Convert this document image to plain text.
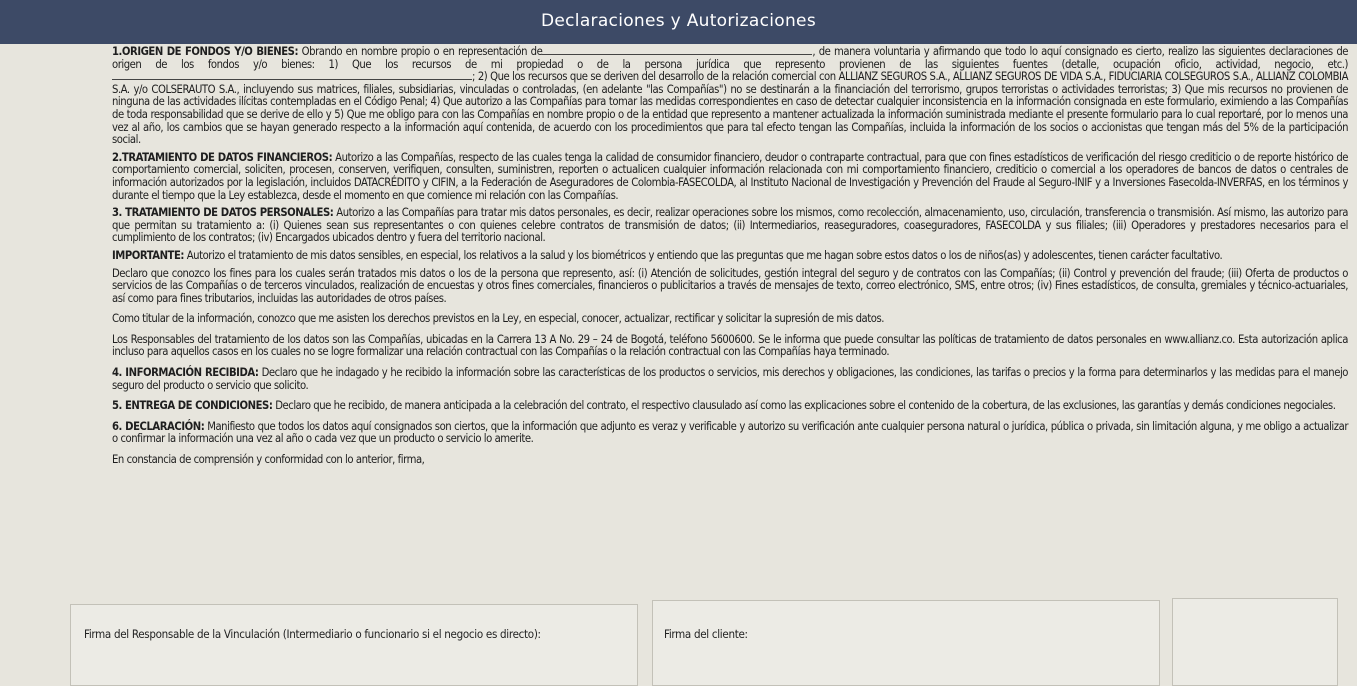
Declaraciones y Autorizaciones

1.ORIGEN DE FONDOS Y/O BIENES: Obrando en nombre propio o en representación de	, de manera voluntaria y afirmando que todo lo aquí consignado es cierto, realizo las siguientes declaraciones de origen de los fondos y/o bienes: 1) Que los recursos de mi propiedad o de la persona jurídica que represento provienen de las siguientes fuentes (detalle, ocupación oficio, actividad, negocio, etc.); 2) Que los recursos que se deriven del desarrollo de la relación comercial con ALLIANZ SEGUROS S.A., ALLIANZ SEGUROS DE VIDA S.A., FIDUCIARIA COLSEGUROS S.A., ALLIANZ COLOMBIA S.A. y/o COLSERAUTO S.A., incluyendo sus matrices, filiales, subsidiarias, vinculadas o controladas, (en adelante "las Compañías") no se destinarán a la financiación del terrorismo, grupos terroristas o actividades terroristas; 3) Que mis recursos no provienen de ninguna de las actividades ilícitas contempladas en el Código Penal; 4) Que autorizo a las Compañías para tomar las medidas correspondientes en caso de detectar cualquier inconsistencia en la información consignada en este formulario, eximiendo a las Compañías de toda responsabilidad que se derive de ello y 5) Que me obligo para con las Compañías en nombre propio o de la entidad que represento a mantener actualizada la información suministrada mediante el presente formulario para lo cual reportaré, por lo menos una vez al año, los cambios que se hayan generado respecto a la información aquí contenida, de acuerdo con los procedimientos que para tal efecto tengan las Compañías, incluida la información de los socios o accionistas que tengan más del 5% de la participación social.

2.TRATAMIENTO DE DATOS FINANCIEROS: Autorizo a las Compañías, respecto de las cuales tenga la calidad de consumidor financiero, deudor o contraparte contractual, para que con fines estadísticos de verificación del riesgo crediticio o de reporte histórico de comportamiento comercial, soliciten, procesen, conserven, verifiquen, consulten, suministren, reporten o actualicen cualquier información relacionada con mi comportamiento financiero, crediticio o comercial a los operadores de bancos de datos o centrales de información autorizados por la legislación, incluidos DATACRÉDITO y CIFIN, a la Federación de Aseguradores de Colombia-FASECOLDA, al Instituto Nacional de Investigación y Prevención del Fraude al Seguro-INIF y a Inversiones Fasecolda-INVERFAS, en los términos y durante el tiempo que la Ley establezca, desde el momento en que comience mi relación con las Compañías.

3. TRATAMIENTO DE DATOS PERSONALES: Autorizo a las Compañías para tratar mis datos personales, es decir, realizar operaciones sobre los mismos, como recolección, almacenamiento, uso, circulación, transferencia o transmisión. Así mismo, las autorizo para que permitan su tratamiento a: (i) Quienes sean sus representantes o con quienes celebre contratos de transmisión de datos; (ii) Intermediarios, reaseguradores, coaseguradores, FASECOLDA y sus filiales; (iii) Operadores y prestadores necesarios para el cumplimiento de los contratos; (iv) Encargados ubicados dentro y fuera del territorio nacional.

IMPORTANTE: Autorizo el tratamiento de mis datos sensibles, en especial, los relativos a la salud y los biométricos y entiendo que las preguntas que me hagan sobre estos datos o los de niños(as) y adolescentes, tienen carácter facultativo.

Declaro que conozco los fines para los cuales serán tratados mis datos o los de la persona que represento, así: (i) Atención de solicitudes, gestión integral del seguro y de contratos con las Compañías; (ii) Control y prevención del fraude; (iii) Oferta de productos o servicios de las Compañías o de terceros vinculados, realización de encuestas y otros fines comerciales, financieros o publicitarios a través de mensajes de texto, correo electrónico, SMS, entre otros; (iv) Fines estadísticos, de consulta, gremiales y técnico-actuariales, así como para fines tributarios, incluidas las autoridades de otros países.

Como titular de la información, conozco que me asisten los derechos previstos en la Ley, en especial, conocer, actualizar, rectificar y solicitar la supresión de mis datos.

Los Responsables del tratamiento de los datos son las Compañías, ubicadas en la Carrera 13 A No. 29 – 24 de Bogotá, teléfono 5600600. Se le informa que puede consultar las políticas de tratamiento de datos personales en www.allianz.co. Esta autorización aplica incluso para aquellos casos en los cuales no se logre formalizar una relación contractual con las Compañías o la relación contractual con las Compañías haya terminado.

4. INFORMACIÓN RECIBIDA: Declaro que he indagado y he recibido la información sobre las características de los productos o servicios, mis derechos y obligaciones, las condiciones, las tarifas o precios y la forma para determinarlos y las medidas para el manejo seguro del producto o servicio que solicito.

5. ENTREGA DE CONDICIONES: Declaro que he recibido, de manera anticipada a la celebración del contrato, el respectivo clausulado así como las explicaciones sobre el contenido de la cobertura, de las exclusiones, las garantías y demás condiciones negociales.

6. DECLARACIÓN: Manifiesto que todos los datos aquí consignados son ciertos, que la información que adjunto es veraz y verificable y autorizo su verificación ante cualquier persona natural o jurídica, pública o privada, sin limitación alguna, y me obligo a actualizar o confirmar la información una vez al año o cada vez que un producto o servicio lo amerite.

En constancia de comprensión y conformidad con lo anterior, firma,

Firma del Responsable de la Vinculación (Intermediario o funcionario si el negocio es directo):	Firma del cliente:
